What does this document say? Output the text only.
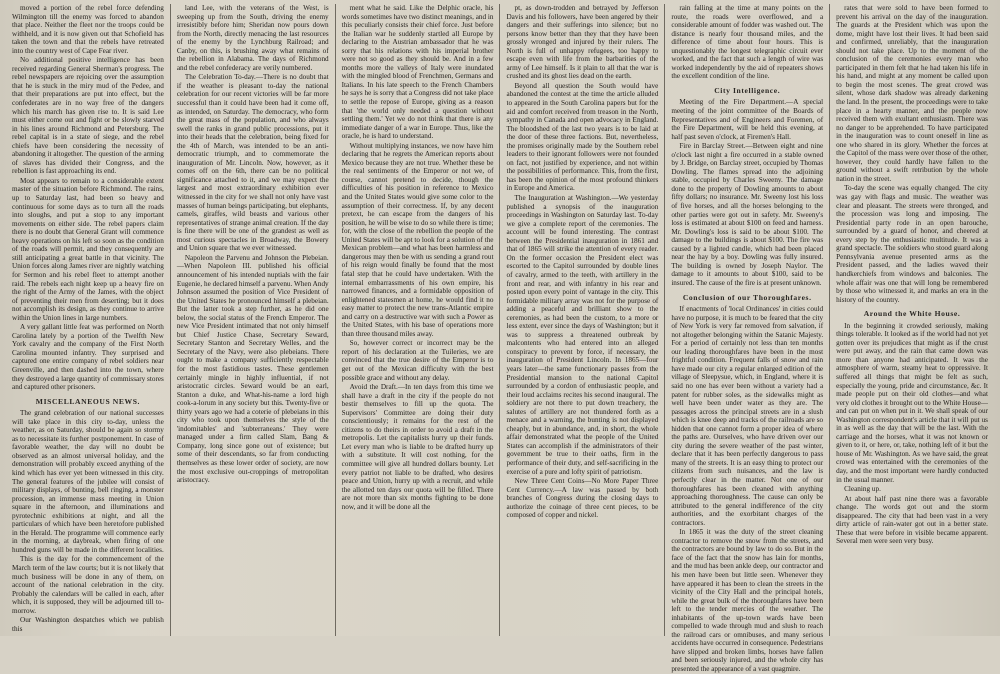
moved a portion of the rebel force defending Wilmington till the enemy was forced to abandon that place. Neither the fleet nor the troops could be withheld, and it is now given out that Schofield has taken the town and that the rebels have retreated into the country west of Cape Fear river.

No additional positive intelligence has been received regarding General Sherman's progress. The rebel newspapers are rejoicing over the assumption that he is stuck in the miry mud of the Pedee, and that their preparations are put into effect, but the confederates are in no way free of the dangers which his march has given rise to. It is said Lee must either come out and fight or be slowly starved in his lines around Richmond and Petersburg. The rebel capital is in a state of siege, and the rebel chiefs have been considering the necessity of abandoning it altogether. The question of the arming of slaves has divided their Congress, and the rebellion is fast approaching its end.

Most appears to remain to a considerable extent master of the situation before Richmond. The rains, up to Saturday last, had been so heavy and continuous for some days as to turn all the roads into sloughs, and put a stop to any important movements on either side. The rebel papers claim there is no doubt that General Grant will commence heavy operations on his left so soon as the condition of the roads will permit, and they consequently are still anticipating a great battle in that vicinity. The Union forces along James river are nightly watching for Sermon and his rebel fleet to attempt another raid. The rebels each night keep up a heavy fire on the right of the Army of the James, with the object of preventing their men from deserting; but it does not accomplish its design, as they continue to arrive within the Union lines in large numbers.

A very gallant little feat was performed on North Carolina lately by a portion of the Twelfth New York cavalry and the company of the First North Carolina mounted infantry. They surprised and captured one entire company of rebel soldiers near Greenville, and then dashed into the town, where they destroyed a large quantity of commissary stores and captured other prisoners.

MISCELLANEOUS NEWS.

The grand celebration of our national successes will take place in this city to-day, unless the weather, as on Saturday, should be again so stormy as to necessitate its further postponement. In case of favorable weather, the day will no doubt be observed as an almost universal holiday, and the demonstration will probably exceed anything of the kind which has ever yet been witnessed in this city. The general features of the jubilee will consist of military displays, of bunting, bell ringing, a monster procession, an immense mass meeting in Union square in the afternoon, and illuminations and pyrotechnic exhibitions at night, and all the particulars of which have been heretofore published in the Herald. The programme will commence early in the morning, at daybreak, when firing of one hundred guns will be made in the different localities.

This is the day for the commencement of the March term of the law courts; but it is not likely that much business will be done in any of them, on account of the national celebration in the city. Probably the calendars will be called in each, after which, it is supposed, they will be adjourned till to-morrow.

Our Washington despatches which we publish this

land Lee, with the veterans of the West, is sweeping up from the South, driving the enemy irresistibly before him; Sheridan now pours down from the North, directly menacing the last resources of the enemy by the Lynchburg Railroad; and Canby, on this, is brushing away what remains of the rebellion in Alabama. The days of Richmond and the rebel confederacy are verily numbered.

The Celebration To-day.—There is no doubt that if the weather is pleasant to-day the national celebration for our recent victories will be far more successful than it could have been had it come off, as intended, on Saturday. The democracy, who form the great mass of the population, and who always swell the ranks in grand public processions, put it into their heads that the celebration, being fixed for the 4th of March, was intended to be an anti-democratic triumph, and to commemorate the inauguration of Mr. Lincoln. Now, however, as it comes off on the 6th, there can be no political significance attached to it, and we may expect the largest and most extraordinary exhibition ever witnessed in the city for we shall not only have vast masses of human beings participating, but elephants, camels, giraffes, wild beasts and various other representatives of strange animal creation. If the day is fine there will be one of the grandest as well as most curious spectacles in Broadway, the Bowery and Union square that we ever witnessed.

Napoleon the Parvenu and Johnson the Plebeian.—When Napoleon III. published his official announcement of his intended nuptials with the fair Eugenie, he declared himself a parvenu. When Andy Johnson assumed the position of Vice President of the United States he pronounced himself a plebeian. But the latter took a step further, as he did one below, the social status of the French Emperor. The new Vice President intimated that not only himself but Chief Justice Chase, Secretary Seward, Secretary Stanton and Secretary Welles, and the Secretary of the Navy, were also plebeians. There ought to make a company sufficiently respectable for the most fastidious tastes. These gentlemen certainly mingle in highly influential, if not aristocratic circles. Seward would be an earl, Stanton a duke, and What-his-name a lord high cook-a-lorum in any society but this. Twenty-five or thirty years ago we had a coterie of plebeians in this city who took upon themselves the style of the 'indomitables' and 'subterraneans.' They were managed under a firm called Slam, Bang & Company, long since gone out of existence; but some of their descendants, so far from conducting themselves as these lower order of society, are now the most exclusive out-croppings of metropolitan aristocracy.

ment what he said. Like the Delphic oracle, his words sometimes have two distinct meanings, and in this peculiarly consists their chief force. Just before the Italian war he suddenly startled all Europe by declaring to the Austrian ambassador that he was sorry that his relations with his imperial brother were not so good as they should be. And in a few months more the valleys of Italy were inundated with the mingled blood of Frenchmen, Germans and Italians. In his late speech to the French Chambers he says he is sorry that a Congress did not take place to settle the repose of Europe, giving as a reason that 'the world only needed a question without settling them.' Yet we do not think that there is any immediate danger of a war in Europe. Thus, like the oracle, he is hard to understand.

Without multiplying instances, we now have him declaring that he regrets the American reports about Mexico because they are not true. Whether these be the real sentiments of the Emperor or not we, of course, cannot pretend to decide, though the difficulties of his position in reference to Mexico and the United States would give some color to the assumption of their correctness. If, by any decent pretext, he can escape from the dangers of his position, he will be wise to do so while there is time; for, with the close of the rebellion the people of the United States will be apt to look for a solution of the Mexican problem—and what has been harmless and dangerous may then be with us sending a grand rout of his reign would finally be found that the most fatal step that he could have undertaken. With the internal embarrassments of his own empire, his narrowed finances, and a formidable opposition of enlightened statesmen at home, he would find it no easy matter to protect the new trans-Atlantic empire and carry on a destructive war with such a Power as the United States, with his base of operations more than three thousand miles away.

So, however correct or incorrect may be the report of his declaration at the Tuileries, we are convinced that the true desire of the Emperor is to get out of the Mexican difficulty with the best possible grace and without any delay.

Avoid the Draft.—In ten days from this time we shall have a draft in the city if the people do not bestir themselves to fill up the quota. The Supervisors' Committee are doing their duty conscientiously; it remains for the rest of the citizens to do theirs in order to avoid a draft in the metropolis. Let the capitalists hurry up their funds. Let every man who is liable to be drafted hurry up with a substitute. It will cost nothing, for the committee will give all hundred dollars bounty. Let every patriot not liable to be drafted, who desires peace and Union, hurry up with a recruit, and while the allotted ten days our quota will be filled. There are not more than six months fighting to be done now, and it will be done all the

pt, as down-trodden and betrayed by Jefferson Davis and his followers, have been angered by their dangers and their sufferings into silence; but no persons know better than they that they have been grossly wronged and injured by their rulers. The North is full of unhappy refugees, too happy to escape even with life from the barbarities of the army of Lee himself. Is it plain to all that the war is crushed and its ghost lies dead on the earth.

Beyond all question the South would have abandoned the contest at the time the article alluded to appeared in the South Carolina papers but for the aid and comfort received from treason in the North, sympathy in Canada and open advocacy in England. The bloodshed of the last two years is to be laid at the door of these three factions. But, nevertheless, the promises originally made by the Southern rebel leaders to their ignorant followers were not founded on fact, not justified by experience, and not within the possibilities of performance. This, from the first, has been the opinion of the most profound thinkers in Europe and America.

The Inauguration at Washington.—We yesterday published a synopsis of the inauguration proceedings in Washington on Saturday last. To-day we give a complete report of the ceremonies. The account will be found interesting. The contrast between the Presidential inauguration in 1861 and that of 1865 will strike the attention of every reader. On the former occasion the President elect was escorted to the Capitol surrounded by double lines of cavalry, armed to the teeth, with artillery in the front and rear, and with infantry in his rear and posted upon every point of vantage in the city. This formidable military array was not for the purpose of adding a peaceful and brilliant show to the ceremonies, as had been the custom, to a more or less extent, ever since the days of Washington; but it was to suppress a threatened outbreak by malcontents who had entered into an alleged conspiracy to prevent by force, if necessary, the inauguration of President Lincoln. In 1865—four years later—the same functionary passes from the Presidential mansion to the national Capitol surrounded by a cordon of enthusiastic people, and their loud acclaims recites his second inaugural. The soldiery are not there to put down treachery, the salutes of artillery are not thundered forth as a menace and a warning, the bunting is not displayed cheaply, but in abundance, and, in short, the whole affair demonstrated what the people of the United States can accomplish if the administrators of their government be true to their oaths, firm in the performance of their duty, and self-sacrificing in the exercise of a pure and lofty spirit of patriotism.

New Three Cent Coins—No More Paper Three Cent Currency.—A law was passed by both branches of Congress during the closing days to authorize the coinage of three cent pieces, to be composed of copper and nickel.

rain falling at the time at many points on the route, the roads were overflowed, and a considerable amount of fodder was washed out. The distance is nearly four thousand miles, and the difference of time about four hours. This is unquestionably the longest telegraphic circuit ever worked, and the fact that such a length of wire was worked independently by the aid of repeaters shows the excellent condition of the line.

City Intelligence.

Meeting of the Fire Department.—A special meeting of the joint committee of the Boards of Representatives and of Engineers and Foremen, of the Fire Department, will be held this evening, at half past seven o'clock, at Firemen's Hall.

Fire in Barclay Street.—Between eight and nine o'clock last night a fire occurred in a stable owned by J. Bridge, on Barclay street, occupied by Thomas Dowling. The flames spread into the adjoining stable, occupied by Charles Sweeny. The damage done to the property of Dowling amounts to about fifty dollars; no insurance. Mr. Sweeny lost his loss of five horses, and all the horses belonging to the other parties were got out in safety. Mr. Sweeny's loss is estimated at about $100 on feed and harness. Mr. Dowling's loss is said to be about $100. The damage to the buildings is about $100. The fire was caused by a lighted candle, which had been placed near the hay by a boy. Dowling was fully insured. The building is owned by Joseph Naylor. The damage to it amounts to about $100, said to be insured. The cause of the fire is at present unknown.

Conclusion of our Thoroughfares.

If enactments of 'local Ordinances' in cities could have no purpose, it is much to be feared that the city of New York is very far removed from salvation, if not altogether belonging within the Satanic Majesty. For a period of certainly not less than ten months our leading thoroughfares have been in the most frightful condition. Frequent falls of snow and rain have made our city a regular enlarged edition of the village of Sleepysue, which, in England, where it is said no one has ever been without a variety had a patent for rubber soles, as the sidewalks might as well have been under water as they are. The passages across the principal streets are in a slush which is knee deep and tracks of the railroads are so hidden that one cannot form a proper idea of where the paths are. Ourselves, who have driven over our city during the severe weather of the past winter, declare that it has been perfectly dangerous to pass many of the streets. It is an easy thing to protect our citizens from such nuisances, and the law is perfectly clear in the matter. Not one of our thoroughfares has been cleaned with anything approaching thoroughness. The cause can only be attributed to the general indifference of the city authorities, and the exorbitant charges of the contractors.

In 1865 it was the duty of the street cleaning contractor to remove the snow from the streets, and the contractors are bound by law to do so. But in the face of the fact that the snow has lain for months, and the mud has been ankle deep, our contractor and his men have been but little seen. Whenever they have appeared it has been to clean the streets in the vicinity of the City Hall and the principal hotels, while the great bulk of the thoroughfares have been left to the tender mercies of the weather. The inhabitants of the up-town wards have been compelled to wade through mud and slush to reach the railroad cars or omnibuses, and many serious accidents have occurred in consequence. Pedestrians have slipped and broken limbs, horses have fallen and been seriously injured, and the whole city has presented the appearance of a vast quagmire.

rates that were sold to have been formed to prevent his arrival on the day of the inauguration. The guards at the President which was upon the dome, might have lost their lives. It had been said and confirmed, unreliably, that the inauguration should not take place. Up to the moment of the conclusion of the ceremonies every man who participated in them felt that he had taken his life in his hand, and might at any moment be called upon to begin the most scenes. The great crowd was silent, whose dark shadow was already darkening the land. In the present, the proceedings were to take place in a hearty manner, and the people now received them with exultant enthusiasm. There was no danger to be apprehended. To have participated in the inauguration was to count oneself in line as one who shared in its glory. Whether the forces at the Capitol of the mass were over those of the other, however, they could hardly have fallen to the ground without a swift retribution by the whole nation in the street.

To-day the scene was equally changed. The city was gay with flags and music. The weather was clear and pleasant. The streets were thronged, and the procession was long and imposing. The Presidential party rode in an open barouche, surrounded by a guard of honor, and cheered at every step by the enthusiastic multitude. It was a grand spectacle. The soldiers who stood guard along Pennsylvania avenue presented arms as the President passed, and the ladies waved their handkerchiefs from windows and balconies. The whole affair was one that will long be remembered by those who witnessed it, and marks an era in the history of the country.

Around the White House.

In the beginning it crowded seriously, making things tolerable. It looked as if the world had not yet gotten over its prejudices that might as if the crust were put away, and the rain that came down was more than anyone had anticipated. It was the atmosphere of warm, steamy heat to oppressive. It suffered all things that might be felt as such, especially the young, pride and circumstance, &c. It made people put on their old clothes—and what very old clothes it brought out to the White House—and can put on when put in it. We shall speak of our Washington correspondent's article that it will put us in as well as the day that will be the last. With the carriage and the horses, what it was not known or given to it, or here, or, take, nothing left of it but the house of Mr. Washington. As we have said, the great crowd was entertained with the ceremonies of the day, and the most important were hardly conducted in the usual manner.

Cleaning up.

At about half past nine there was a favorable change. The words got out and the storm disappeared. The city that had been vast in a very dirty article of rain-water got out in a better state. These that were before in visible became apparent. Several men were seen very busy.
